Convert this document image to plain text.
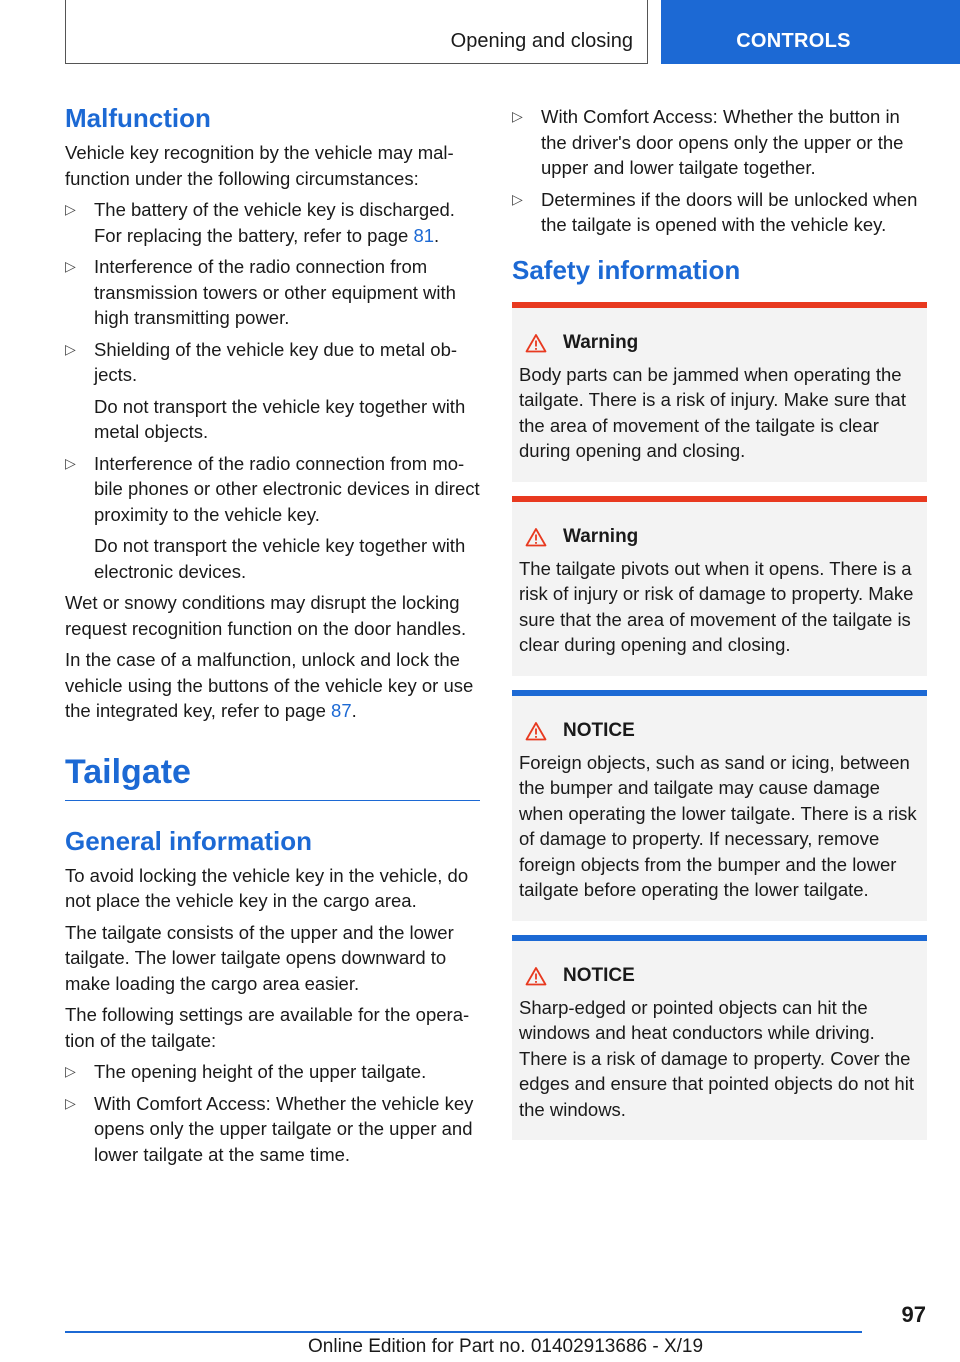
Opening and closing	CONTROLS
Malfunction

Vehicle key recognition by the vehicle may malfunction under the following circumstances:

▷ The battery of the vehicle key is discharged. For replacing the battery, refer to page 81.
▷ Interference of the radio connection from transmission towers or other equipment with high transmitting power.
▷ Shielding of the vehicle key due to metal objects.
Do not transport the vehicle key together with metal objects.
▷ Interference of the radio connection from mobile phones or other electronic devices in direct proximity to the vehicle key.
Do not transport the vehicle key together with electronic devices.

Wet or snowy conditions may disrupt the locking request recognition function on the door handles.

In the case of a malfunction, unlock and lock the vehicle using the buttons of the vehicle key or use the integrated key, refer to page 87.

Tailgate
General information

To avoid locking the vehicle key in the vehicle, do not place the vehicle key in the cargo area.

The tailgate consists of the upper and the lower tailgate. The lower tailgate opens downward to make loading the cargo area easier.

The following settings are available for the operation of the tailgate:

▷ The opening height of the upper tailgate.
▷ With Comfort Access: Whether the vehicle key opens only the upper tailgate or the upper and lower tailgate at the same time.
▷ With Comfort Access: Whether the button in the driver's door opens only the upper or the upper and lower tailgate together.
▷ Determines if the doors will be unlocked when the tailgate is opened with the vehicle key.
Safety information
Warning
Body parts can be jammed when operating the tailgate. There is a risk of injury. Make sure that the area of movement of the tailgate is clear during opening and closing.
Warning
The tailgate pivots out when it opens. There is a risk of injury or risk of damage to property. Make sure that the area of movement of the tailgate is clear during opening and closing.
NOTICE
Foreign objects, such as sand or icing, between the bumper and tailgate may cause damage when operating the lower tailgate. There is a risk of damage to property. If necessary, remove foreign objects from the bumper and the lower tailgate before operating the lower tailgate.
NOTICE
Sharp-edged or pointed objects can hit the windows and heat conductors while driving. There is a risk of damage to property. Cover the edges and ensure that pointed objects do not hit the windows.
97
Online Edition for Part no. 01402913686 - X/19
